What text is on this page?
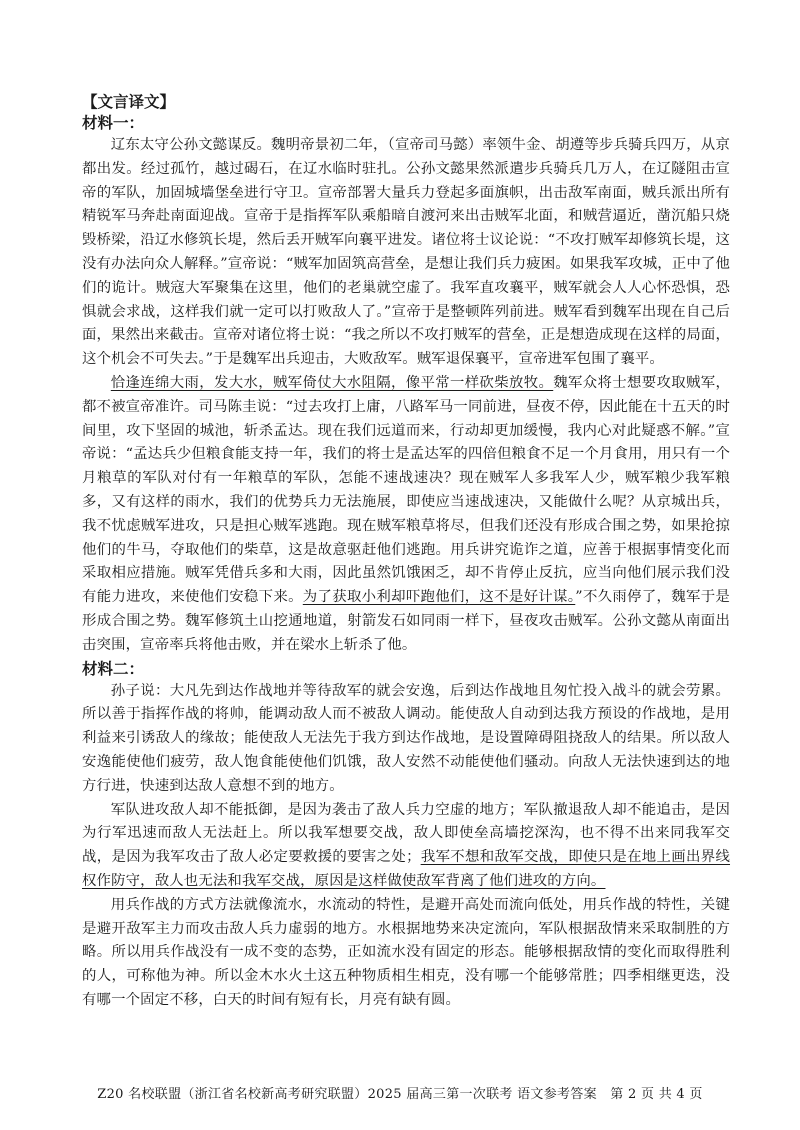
【文言译文】
材料一：

辽东太守公孙文懿谋反。魏明帝景初二年，（宣帝司马懿）率领牛金、胡遵等步兵骑兵四万，从京都出发。经过孤竹，越过碣石，在辽水临时驻扎。公孙文懿果然派遣步兵骑兵几万人，在辽隧阻击宣帝的军队，加固城墙堡垒进行守卫。宣帝部署大量兵力登起多面旗帜，出击敌军南面，贼兵派出所有精锐军马奔赴南面迎战。宣帝于是指挥军队乘船暗自渡河来出击贼军北面，和贼营逼近，凿沉船只烧毁桥梁，沿辽水修筑长堤，然后丢开贼军向襄平进发。诸位将士议论说：“不攻打贼军却修筑长堤，这没有办法向众人解释。”宣帝说：“贼军加固筑高营垒，是想让我们兵力疲困。如果我军攻城，正中了他们的诡计。贼寇大军聚集在这里，他们的老巢就空虚了。我军直攻襄平，贼军就会人人心怀恐惧，恐惧就会求战，这样我们就一定可以打败敌人了。”宣帝于是整顿阵列前进。贼军看到魏军出现在自己后面，果然出来截击。宣帝对诸位将士说：“我之所以不攻打贼军的营垒，正是想造成现在这样的局面，这个机会不可失去。”于是魏军出兵迎击，大败敌军。贼军退保襄平，宣帝进军包围了襄平。

恰逢连绵大雨，发大水，贼军倚仗大水阻隔，像平常一样砍柴放牧。魏军众将士想要攻取贼军，都不被宣帝准许。司马陈圭说：“过去攻打上庸，八路军马一同前进，昼夜不停，因此能在十五天的时间里，攻下坚固的城池，斩杀孟达。现在我们远道而来，行动却更加缓慢，我内心对此疑惑不解。”宣帝说：“孟达兵少但粮食能支持一年，我们的将士是孟达军的四倍但粮食不足一个月食用，用只有一个月粮草的军队对付有一年粮草的军队，怎能不速战速决？现在贼军人多我军人少，贼军粮少我军粮多，又有这样的雨水，我们的优势兵力无法施展，即使应当速战速决，又能做什么呢？从京城出兵，我不忧虑贼军进攻，只是担心贼军逃跑。现在贼军粮草将尽，但我们还没有形成合围之势，如果抢掠他们的牛马，夺取他们的柴草，这是故意驱赶他们逃跑。用兵讲究诡诈之道，应善于根据事情变化而采取相应措施。贼军凭借兵多和大雨，因此虽然饥饿困乏，却不肯停止反抗，应当向他们展示我们没有能力进攻，来使他们安稳下来。为了获取小利却吓跑他们，这不是好计谋。”不久雨停了，魏军于是形成合围之势。魏军修筑土山挖通地道，射箭发石如同雨一样下，昼夜攻击贼军。公孙文懿从南面出击突围，宣帝率兵将他击败，并在梁水上斩杀了他。

材料二：

孙子说：大凡先到达作战地并等待敌军的就会安逸，后到达作战地且匆忙投入战斗的就会劳累。所以善于指挥作战的将帅，能调动敌人而不被敌人调动。能使敌人自动到达我方预设的作战地，是用利益来引诱敌人的缘故；能使敌人无法先于我方到达作战地，是设置障碍阻挠敌人的结果。所以敌人安逸能使他们疲劳，敌人饱食能使他们饥饿，敌人安然不动能使他们骚动。向敌人无法快速到达的地方行进，快速到达敌人意想不到的地方。

军队进攻敌人却不能抵御，是因为袭击了敌人兵力空虚的地方；军队撤退敌人却不能追击，是因为行军迅速而敌人无法赶上。所以我军想要交战，敌人即使垒高墙挖深沟，也不得不出来同我军交战，是因为我军攻击了敌人必定要救援的要害之处；我军不想和敌军交战，即使只是在地上画出界线权作防守，敌人也无法和我军交战，原因是这样做使敌军背离了他们进攻的方向。

用兵作战的方式方法就像流水，水流动的特性，是避开高处而流向低处，用兵作战的特性，关键是避开敌军主力而攻击敌人兵力虚弱的地方。水根据地势来决定流向，军队根据敌情来采取制胜的方略。所以用兵作战没有一成不变的态势，正如流水没有固定的形态。能够根据敌情的变化而取得胜利的人，可称他为神。所以金木水火土这五种物质相生相克，没有哪一个能够常胜；四季相继更迭，没有哪一个固定不移，白天的时间有短有长，月亮有缺有圆。

Z20 名校联盟（浙江省名校新高考研究联盟）2025 届高三第一次联考 语文参考答案　第 2 页 共 4 页
